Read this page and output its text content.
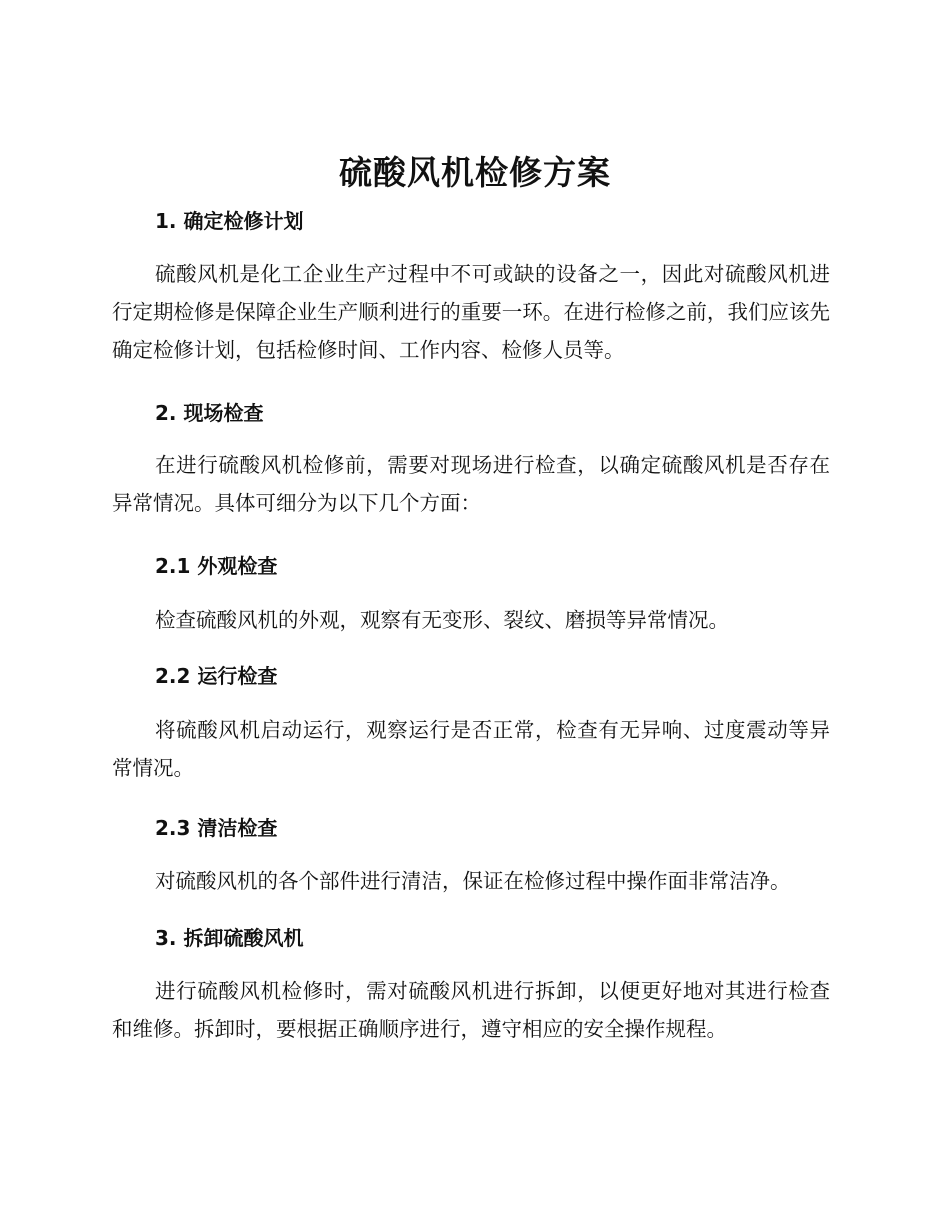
硫酸风机检修方案
1. 确定检修计划
硫酸风机是化工企业生产过程中不可或缺的设备之一，因此对硫酸风机进行定期检修是保障企业生产顺利进行的重要一环。在进行检修之前，我们应该先确定检修计划，包括检修时间、工作内容、检修人员等。
2. 现场检查
在进行硫酸风机检修前，需要对现场进行检查，以确定硫酸风机是否存在异常情况。具体可细分为以下几个方面：
2.1 外观检查
检查硫酸风机的外观，观察有无变形、裂纹、磨损等异常情况。
2.2 运行检查
将硫酸风机启动运行，观察运行是否正常，检查有无异响、过度震动等异常情况。
2.3 清洁检查
对硫酸风机的各个部件进行清洁，保证在检修过程中操作面非常洁净。
3. 拆卸硫酸风机
进行硫酸风机检修时，需对硫酸风机进行拆卸，以便更好地对其进行检查和维修。拆卸时，要根据正确顺序进行，遵守相应的安全操作规程。
